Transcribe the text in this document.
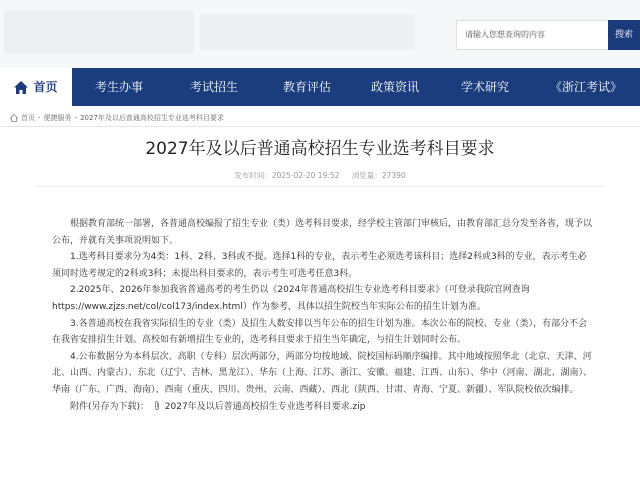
请输入您想查询的内容	搜索
首页	考生办事	考试招生	教育评估	政策资讯	学术研究	《浙江考试》
首页 - 便捷服务 - 2027年及以后普通高校招生专业选考科目要求
2027年及以后普通高校招生专业选考科目要求
发布时间：2025-02-20 19:52 浏览量：27390

根据教育部统一部署，各普通高校编报了招生专业（类）选考科目要求，经学校主管部门审核后，由教育部汇总分发至各省，现予以公布，并就有关事项说明如下。

1.选考科目要求分为4类：1科、2科、3科或不提。选择1科的专业，表示考生必须选考该科目；选择2科或3科的专业，表示考生必须同时选考规定的2科或3科；未提出科目要求的，表示考生可选考任意3科。

2.2025年、2026年参加我省普通高考的考生仍以《2024年普通高校招生专业选考科目要求》（可登录我院官网查询https://www.zjzs.net/col/col173/index.html）作为参考，具体以招生院校当年实际公布的招生计划为准。

3.各普通高校在我省实际招生的专业（类）及招生人数安排以当年公布的招生计划为准。本次公布的院校、专业（类），有部分不会在我省安排招生计划。高校如有新增招生专业的，选考科目要求于招生当年确定，与招生计划同时公布。

4.公布数据分为本科层次、高职（专科）层次两部分，两部分均按地域、院校国标码顺序编排。其中地域按照华北（北京、天津、河北、山西、内蒙古）、东北（辽宁、吉林、黑龙江）、华东（上海、江苏、浙江、安徽、福建、江西、山东）、华中（河南、湖北、湖南）、华南（广东、广西、海南）、西南（重庆、四川、贵州、云南、西藏）、西北（陕西、甘肃、青海、宁夏、新疆）、军队院校依次编排。

附件(另存为下载)： 2027年及以后普通高校招生专业选考科目要求.zip
